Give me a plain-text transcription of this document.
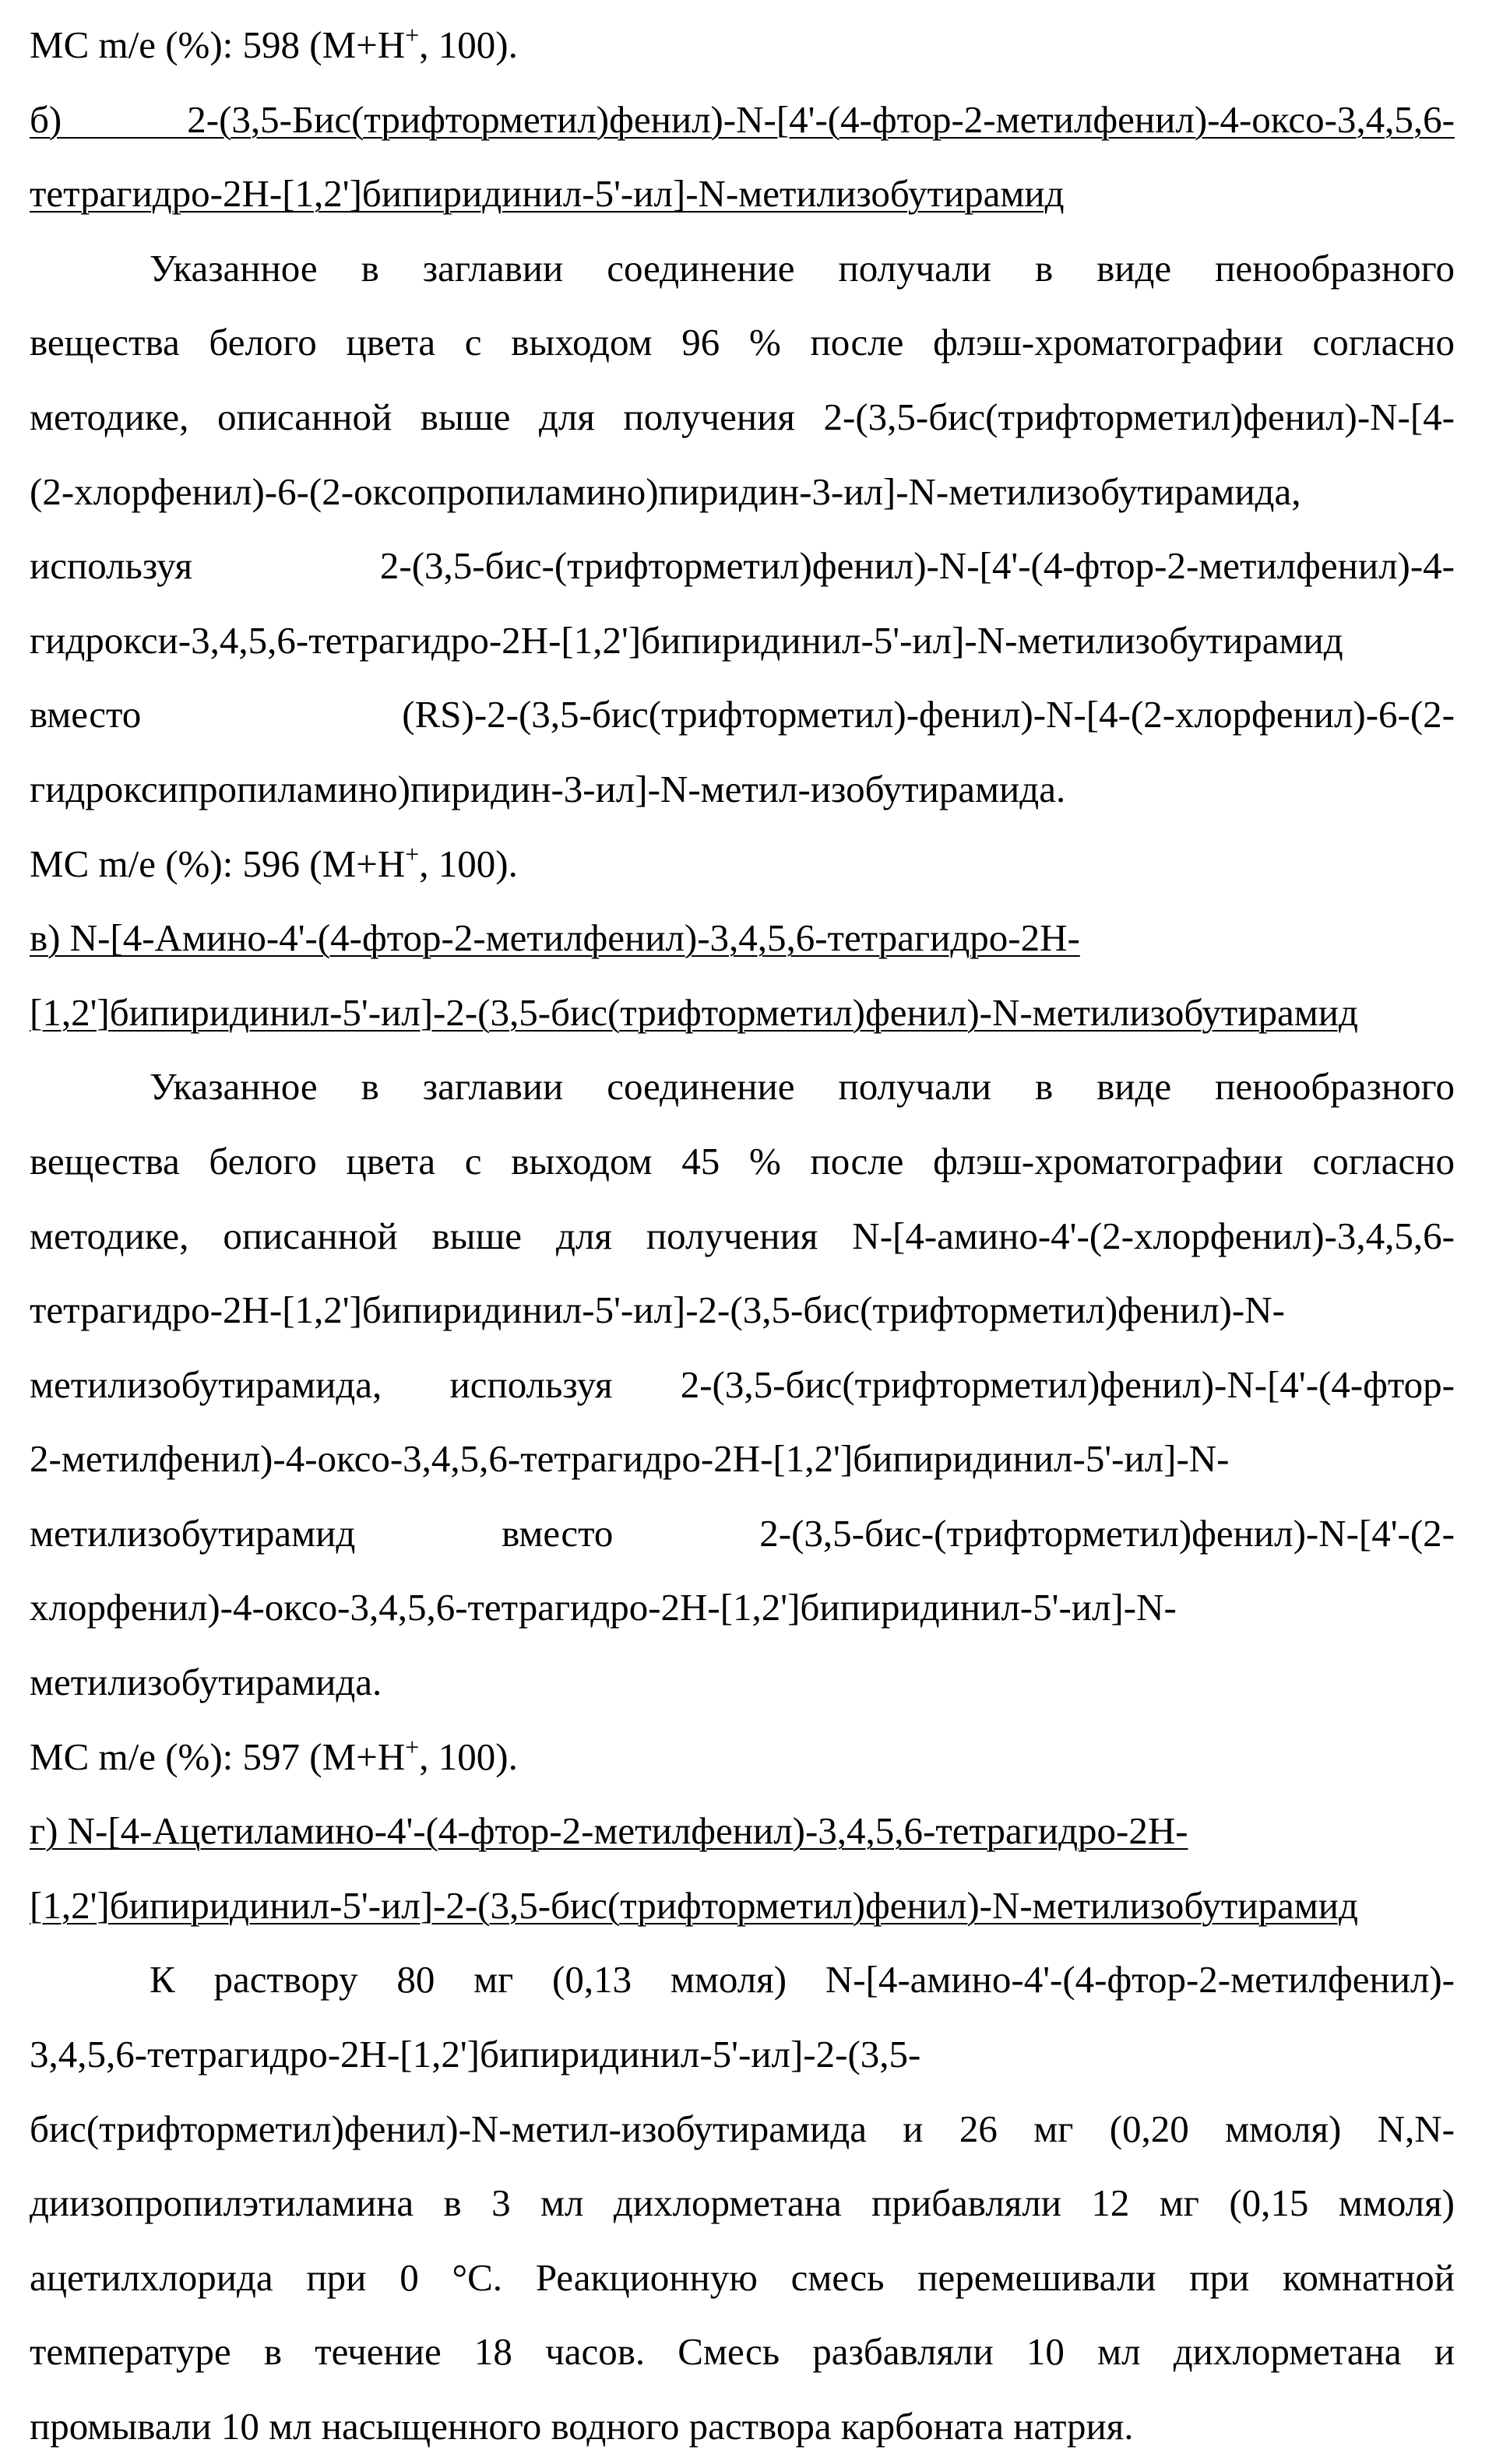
МС m/e (%): 598 (M+H+, 100).
б) 2-(3,5-Бис(трифторметил)фенил)-N-[4'-(4-фтор-2-метилфенил)-4-оксо-3,4,5,6-
тетрагидро-2H-[1,2']бипиридинил-5'-ил]-N-метилизобутирамид
Указанное в заглавии соединение получали в виде пенообразного
вещества белого цвета с выходом 96 % после флэш-хроматографии согласно
методике, описанной выше для получения 2-(3,5-бис(трифторметил)фенил)-N-[4-
(2-хлорфенил)-6-(2-оксопропиламино)пиридин-3-ил]-N-метилизобутирамида,
используя 2-(3,5-бис-(трифторметил)фенил)-N-[4'-(4-фтор-2-метилфенил)-4-
гидрокси-3,4,5,6-тетрагидро-2H-[1,2']бипиридинил-5'-ил]-N-метилизобутирамид
вместо (RS)-2-(3,5-бис(трифторметил)-фенил)-N-[4-(2-хлорфенил)-6-(2-
гидроксипропиламино)пиридин-3-ил]-N-метил-изобутирамида.
МС m/e (%): 596 (M+H+, 100).
в) N-[4-Амино-4'-(4-фтор-2-метилфенил)-3,4,5,6-тетрагидро-2H-
[1,2']бипиридинил-5'-ил]-2-(3,5-бис(трифторметил)фенил)-N-метилизобутирамид
Указанное в заглавии соединение получали в виде пенообразного
вещества белого цвета с выходом 45 % после флэш-хроматографии согласно
методике, описанной выше для получения N-[4-амино-4'-(2-хлорфенил)-3,4,5,6-
тетрагидро-2H-[1,2']бипиридинил-5'-ил]-2-(3,5-бис(трифторметил)фенил)-N-
метилизобутирамида, используя 2-(3,5-бис(трифторметил)фенил)-N-[4'-(4-фтор-
2-метилфенил)-4-оксо-3,4,5,6-тетрагидро-2H-[1,2']бипиридинил-5'-ил]-N-
метилизобутирамид вместо 2-(3,5-бис-(трифторметил)фенил)-N-[4'-(2-
хлорфенил)-4-оксо-3,4,5,6-тетрагидро-2H-[1,2']бипиридинил-5'-ил]-N-
метилизобутирамида.
МС m/e (%): 597 (M+H+, 100).
г) N-[4-Ацетиламино-4'-(4-фтор-2-метилфенил)-3,4,5,6-тетрагидро-2H-
[1,2']бипиридинил-5'-ил]-2-(3,5-бис(трифторметил)фенил)-N-метилизобутирамид
К раствору 80 мг (0,13 ммоля) N-[4-амино-4'-(4-фтор-2-метилфенил)-
3,4,5,6-тетрагидро-2H-[1,2']бипиридинил-5'-ил]-2-(3,5-
бис(трифторметил)фенил)-N-метил-изобутирамида и 26 мг (0,20 ммоля) N,N-
диизопропилэтиламина в 3 мл дихлорметана прибавляли 12 мг (0,15 ммоля)
ацетилхлорида при 0 °C. Реакционную смесь перемешивали при комнатной
температуре в течение 18 часов. Смесь разбавляли 10 мл дихлорметана и
промывали 10 мл насыщенного водного раствора карбоната натрия.
